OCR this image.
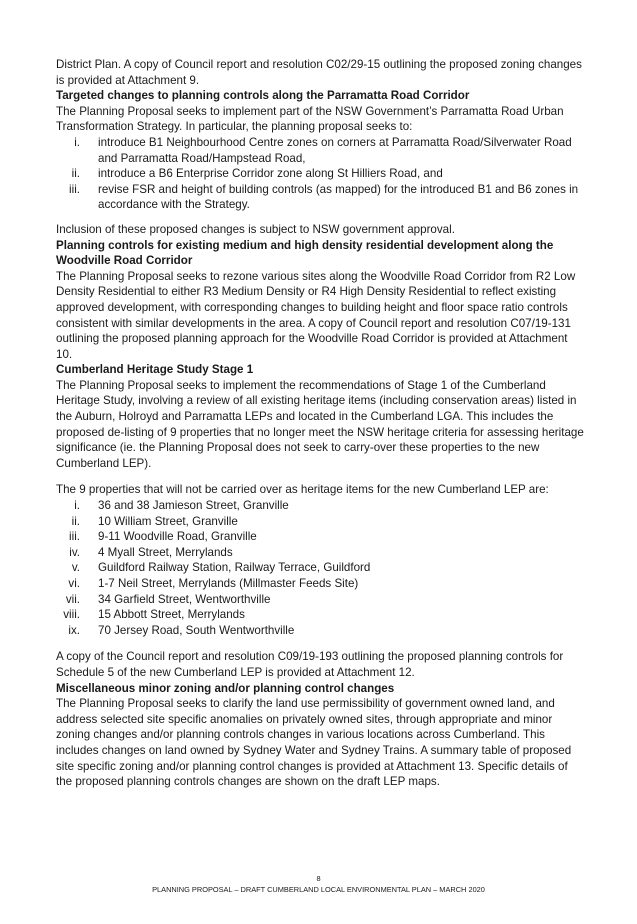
District Plan. A copy of Council report and resolution C02/29-15 outlining the proposed zoning changes is provided at Attachment 9.

Targeted changes to planning controls along the Parramatta Road Corridor

The Planning Proposal seeks to implement part of the NSW Government’s Parramatta Road Urban Transformation Strategy. In particular, the planning proposal seeks to:

i. introduce B1 Neighbourhood Centre zones on corners at Parramatta Road/Silverwater Road and Parramatta Road/Hampstead Road,
ii. introduce a B6 Enterprise Corridor zone along St Hilliers Road, and
iii. revise FSR and height of building controls (as mapped) for the introduced B1 and B6 zones in accordance with the Strategy.

Inclusion of these proposed changes is subject to NSW government approval.

Planning controls for existing medium and high density residential development along the Woodville Road Corridor

The Planning Proposal seeks to rezone various sites along the Woodville Road Corridor from R2 Low Density Residential to either R3 Medium Density or R4 High Density Residential to reflect existing approved development, with corresponding changes to building height and floor space ratio controls consistent with similar developments in the area. A copy of Council report and resolution C07/19-131 outlining the proposed planning approach for the Woodville Road Corridor is provided at Attachment 10.

Cumberland Heritage Study Stage 1

The Planning Proposal seeks to implement the recommendations of Stage 1 of the Cumberland Heritage Study, involving a review of all existing heritage items (including conservation areas) listed in the Auburn, Holroyd and Parramatta LEPs and located in the Cumberland LGA. This includes the proposed de-listing of 9 properties that no longer meet the NSW heritage criteria for assessing heritage significance (ie. the Planning Proposal does not seek to carry-over these properties to the new Cumberland LEP).

The 9 properties that will not be carried over as heritage items for the new Cumberland LEP are:

i. 36 and 38 Jamieson Street, Granville
ii. 10 William Street, Granville
iii. 9-11 Woodville Road, Granville
iv. 4 Myall Street, Merrylands
v. Guildford Railway Station, Railway Terrace, Guildford
vi. 1-7 Neil Street, Merrylands (Millmaster Feeds Site)
vii. 34 Garfield Street, Wentworthville
viii. 15 Abbott Street, Merrylands
ix. 70 Jersey Road, South Wentworthville

A copy of the Council report and resolution C09/19-193 outlining the proposed planning controls for Schedule 5 of the new Cumberland LEP is provided at Attachment 12.

Miscellaneous minor zoning and/or planning control changes

The Planning Proposal seeks to clarify the land use permissibility of government owned land, and address selected site specific anomalies on privately owned sites, through appropriate and minor zoning changes and/or planning controls changes in various locations across Cumberland. This includes changes on land owned by Sydney Water and Sydney Trains. A summary table of proposed site specific zoning and/or planning control changes is provided at Attachment 13. Specific details of the proposed planning controls changes are shown on the draft LEP maps.

8
PLANNING PROPOSAL – DRAFT CUMBERLAND LOCAL ENVIRONMENTAL PLAN – MARCH 2020
